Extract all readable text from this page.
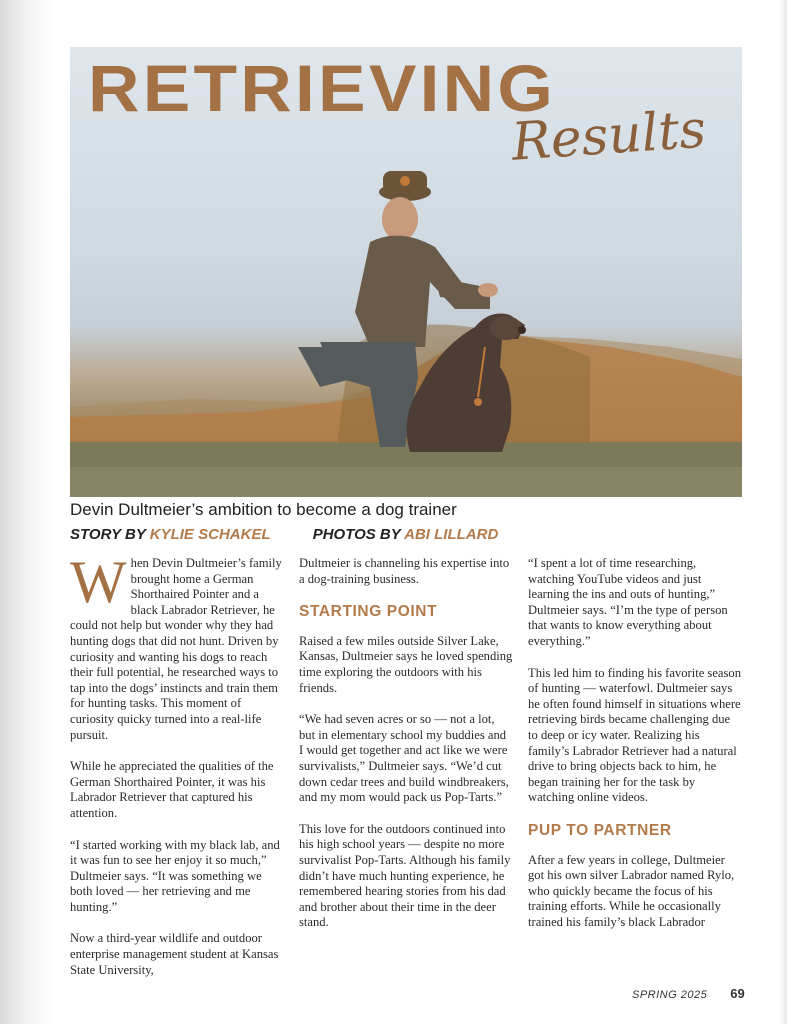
RETRIEVING
Results
Devin Dultmeier’s ambition to become a dog trainer
STORY BY KYLIE SCHAKEL	PHOTOS BY ABI LILLARD

When Devin Dultmeier’s family brought home a German Shorthaired Pointer and a black Labrador Retriever, he could not help but wonder why they had hunting dogs that did not hunt. Driven by curiosity and wanting his dogs to reach their full potential, he researched ways to tap into the dogs’ instincts and train them for hunting tasks. This moment of curiosity quicky turned into a real-life pursuit.

While he appreciated the qualities of the German Shorthaired Pointer, it was his Labrador Retriever that captured his attention.

“I started working with my black lab, and it was fun to see her enjoy it so much,” Dultmeier says. “It was something we both loved — her retrieving and me hunting.”

Now a third-year wildlife and outdoor enterprise management student at Kansas State University,

Dultmeier is channeling his expertise into a dog-training business.

STARTING POINT

Raised a few miles outside Silver Lake, Kansas, Dultmeier says he loved spending time exploring the outdoors with his friends.

“We had seven acres or so — not a lot, but in elementary school my buddies and I would get together and act like we were survivalists,” Dultmeier says. “We’d cut down cedar trees and build windbreakers, and my mom would pack us Pop-Tarts.”

This love for the outdoors continued into his high school years — despite no more survivalist Pop-Tarts. Although his family didn’t have much hunting experience, he remembered hearing stories from his dad and brother about their time in the deer stand.

“I spent a lot of time researching, watching YouTube videos and just learning the ins and outs of hunting,” Dultmeier says. “I’m the type of person that wants to know everything about everything.”

This led him to finding his favorite season of hunting — waterfowl. Dultmeier says he often found himself in situations where retrieving birds became challenging due to deep or icy water. Realizing his family’s Labrador Retriever had a natural drive to bring objects back to him, he began training her for the task by watching online videos.

PUP TO PARTNER

After a few years in college, Dultmeier got his own silver Labrador named Rylo, who quickly became the focus of his training efforts. While he occasionally trained his family’s black Labrador

SPRING 2025 69
